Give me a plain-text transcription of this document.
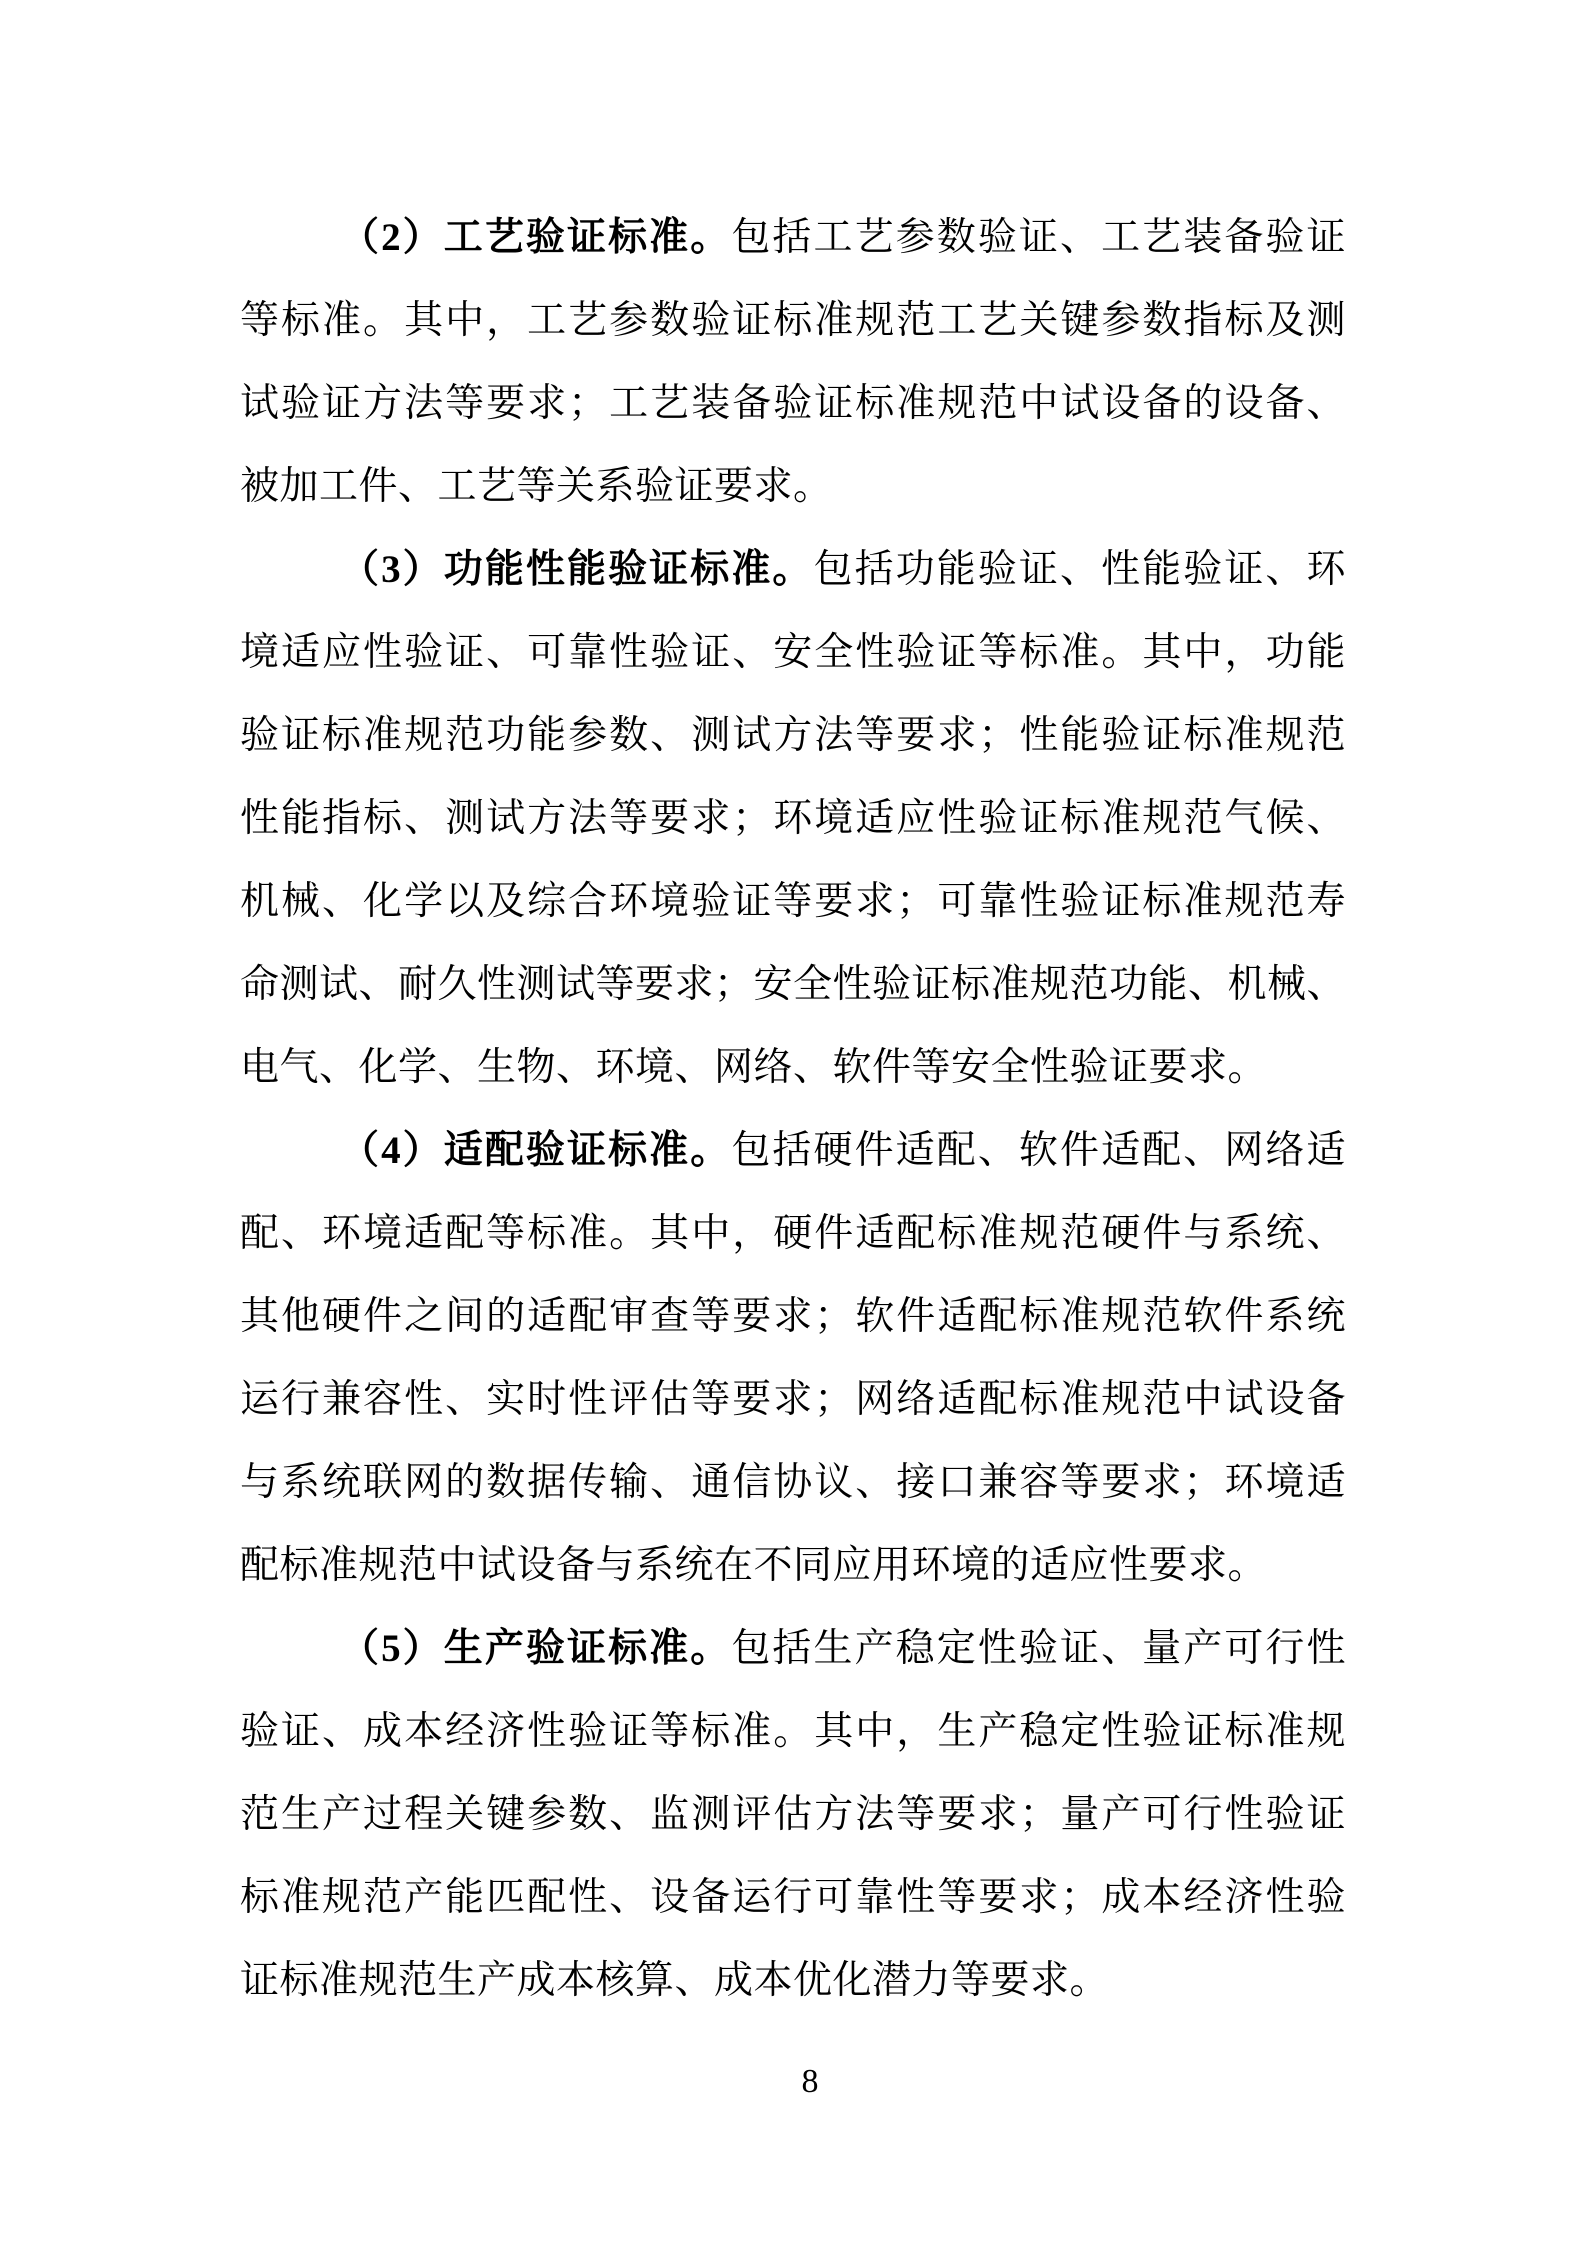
（2）工艺验证标准。包括工艺参数验证、工艺装备验证
等标准。其中，工艺参数验证标准规范工艺关键参数指标及测
试验证方法等要求；工艺装备验证标准规范中试设备的设备、
被加工件、工艺等关系验证要求。
（3）功能性能验证标准。包括功能验证、性能验证、环
境适应性验证、可靠性验证、安全性验证等标准。其中，功能
验证标准规范功能参数、测试方法等要求；性能验证标准规范
性能指标、测试方法等要求；环境适应性验证标准规范气候、
机械、化学以及综合环境验证等要求；可靠性验证标准规范寿
命测试、耐久性测试等要求；安全性验证标准规范功能、机械、
电气、化学、生物、环境、网络、软件等安全性验证要求。
（4）适配验证标准。包括硬件适配、软件适配、网络适
配、环境适配等标准。其中，硬件适配标准规范硬件与系统、
其他硬件之间的适配审查等要求；软件适配标准规范软件系统
运行兼容性、实时性评估等要求；网络适配标准规范中试设备
与系统联网的数据传输、通信协议、接口兼容等要求；环境适
配标准规范中试设备与系统在不同应用环境的适应性要求。
（5）生产验证标准。包括生产稳定性验证、量产可行性
验证、成本经济性验证等标准。其中，生产稳定性验证标准规
范生产过程关键参数、监测评估方法等要求；量产可行性验证
标准规范产能匹配性、设备运行可靠性等要求；成本经济性验
证标准规范生产成本核算、成本优化潜力等要求。
8
